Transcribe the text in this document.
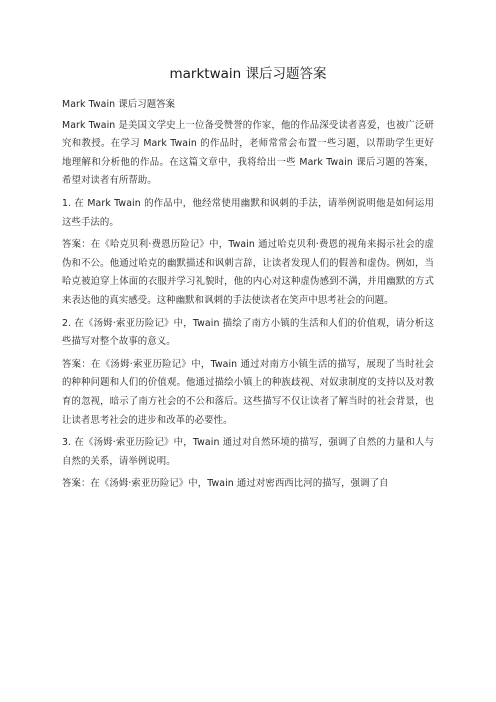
marktwain 课后习题答案

Mark Twain 课后习题答案

Mark Twain 是美国文学史上一位备受赞誉的作家，他的作品深受读者喜爱，也被广泛研究和教授。在学习 Mark Twain 的作品时，老师常常会布置一些习题，以帮助学生更好地理解和分析他的作品。在这篇文章中，我将给出一些 Mark Twain 课后习题的答案，希望对读者有所帮助。

1. 在 Mark Twain 的作品中，他经常使用幽默和讽刺的手法，请举例说明他是如何运用这些手法的。

答案：在《哈克贝利·费恩历险记》中，Twain 通过哈克贝利·费恩的视角来揭示社会的虚伪和不公。他通过哈克的幽默描述和讽刺言辞，让读者发现人们的假善和虚伪。例如，当哈克被迫穿上体面的衣服并学习礼貌时，他的内心对这种虚伪感到不满，并用幽默的方式来表达他的真实感受。这种幽默和讽刺的手法使读者在笑声中思考社会的问题。

2. 在《汤姆·索亚历险记》中，Twain 描绘了南方小镇的生活和人们的价值观，请分析这些描写对整个故事的意义。

答案：在《汤姆·索亚历险记》中，Twain 通过对南方小镇生活的描写，展现了当时社会的种种问题和人们的价值观。他通过描绘小镇上的种族歧视、对奴隶制度的支持以及对教育的忽视，暗示了南方社会的不公和落后。这些描写不仅让读者了解当时的社会背景，也让读者思考社会的进步和改革的必要性。

3. 在《汤姆·索亚历险记》中，Twain 通过对自然环境的描写，强调了自然的力量和人与自然的关系，请举例说明。

答案：在《汤姆·索亚历险记》中，Twain 通过对密西西比河的描写，强调了自
